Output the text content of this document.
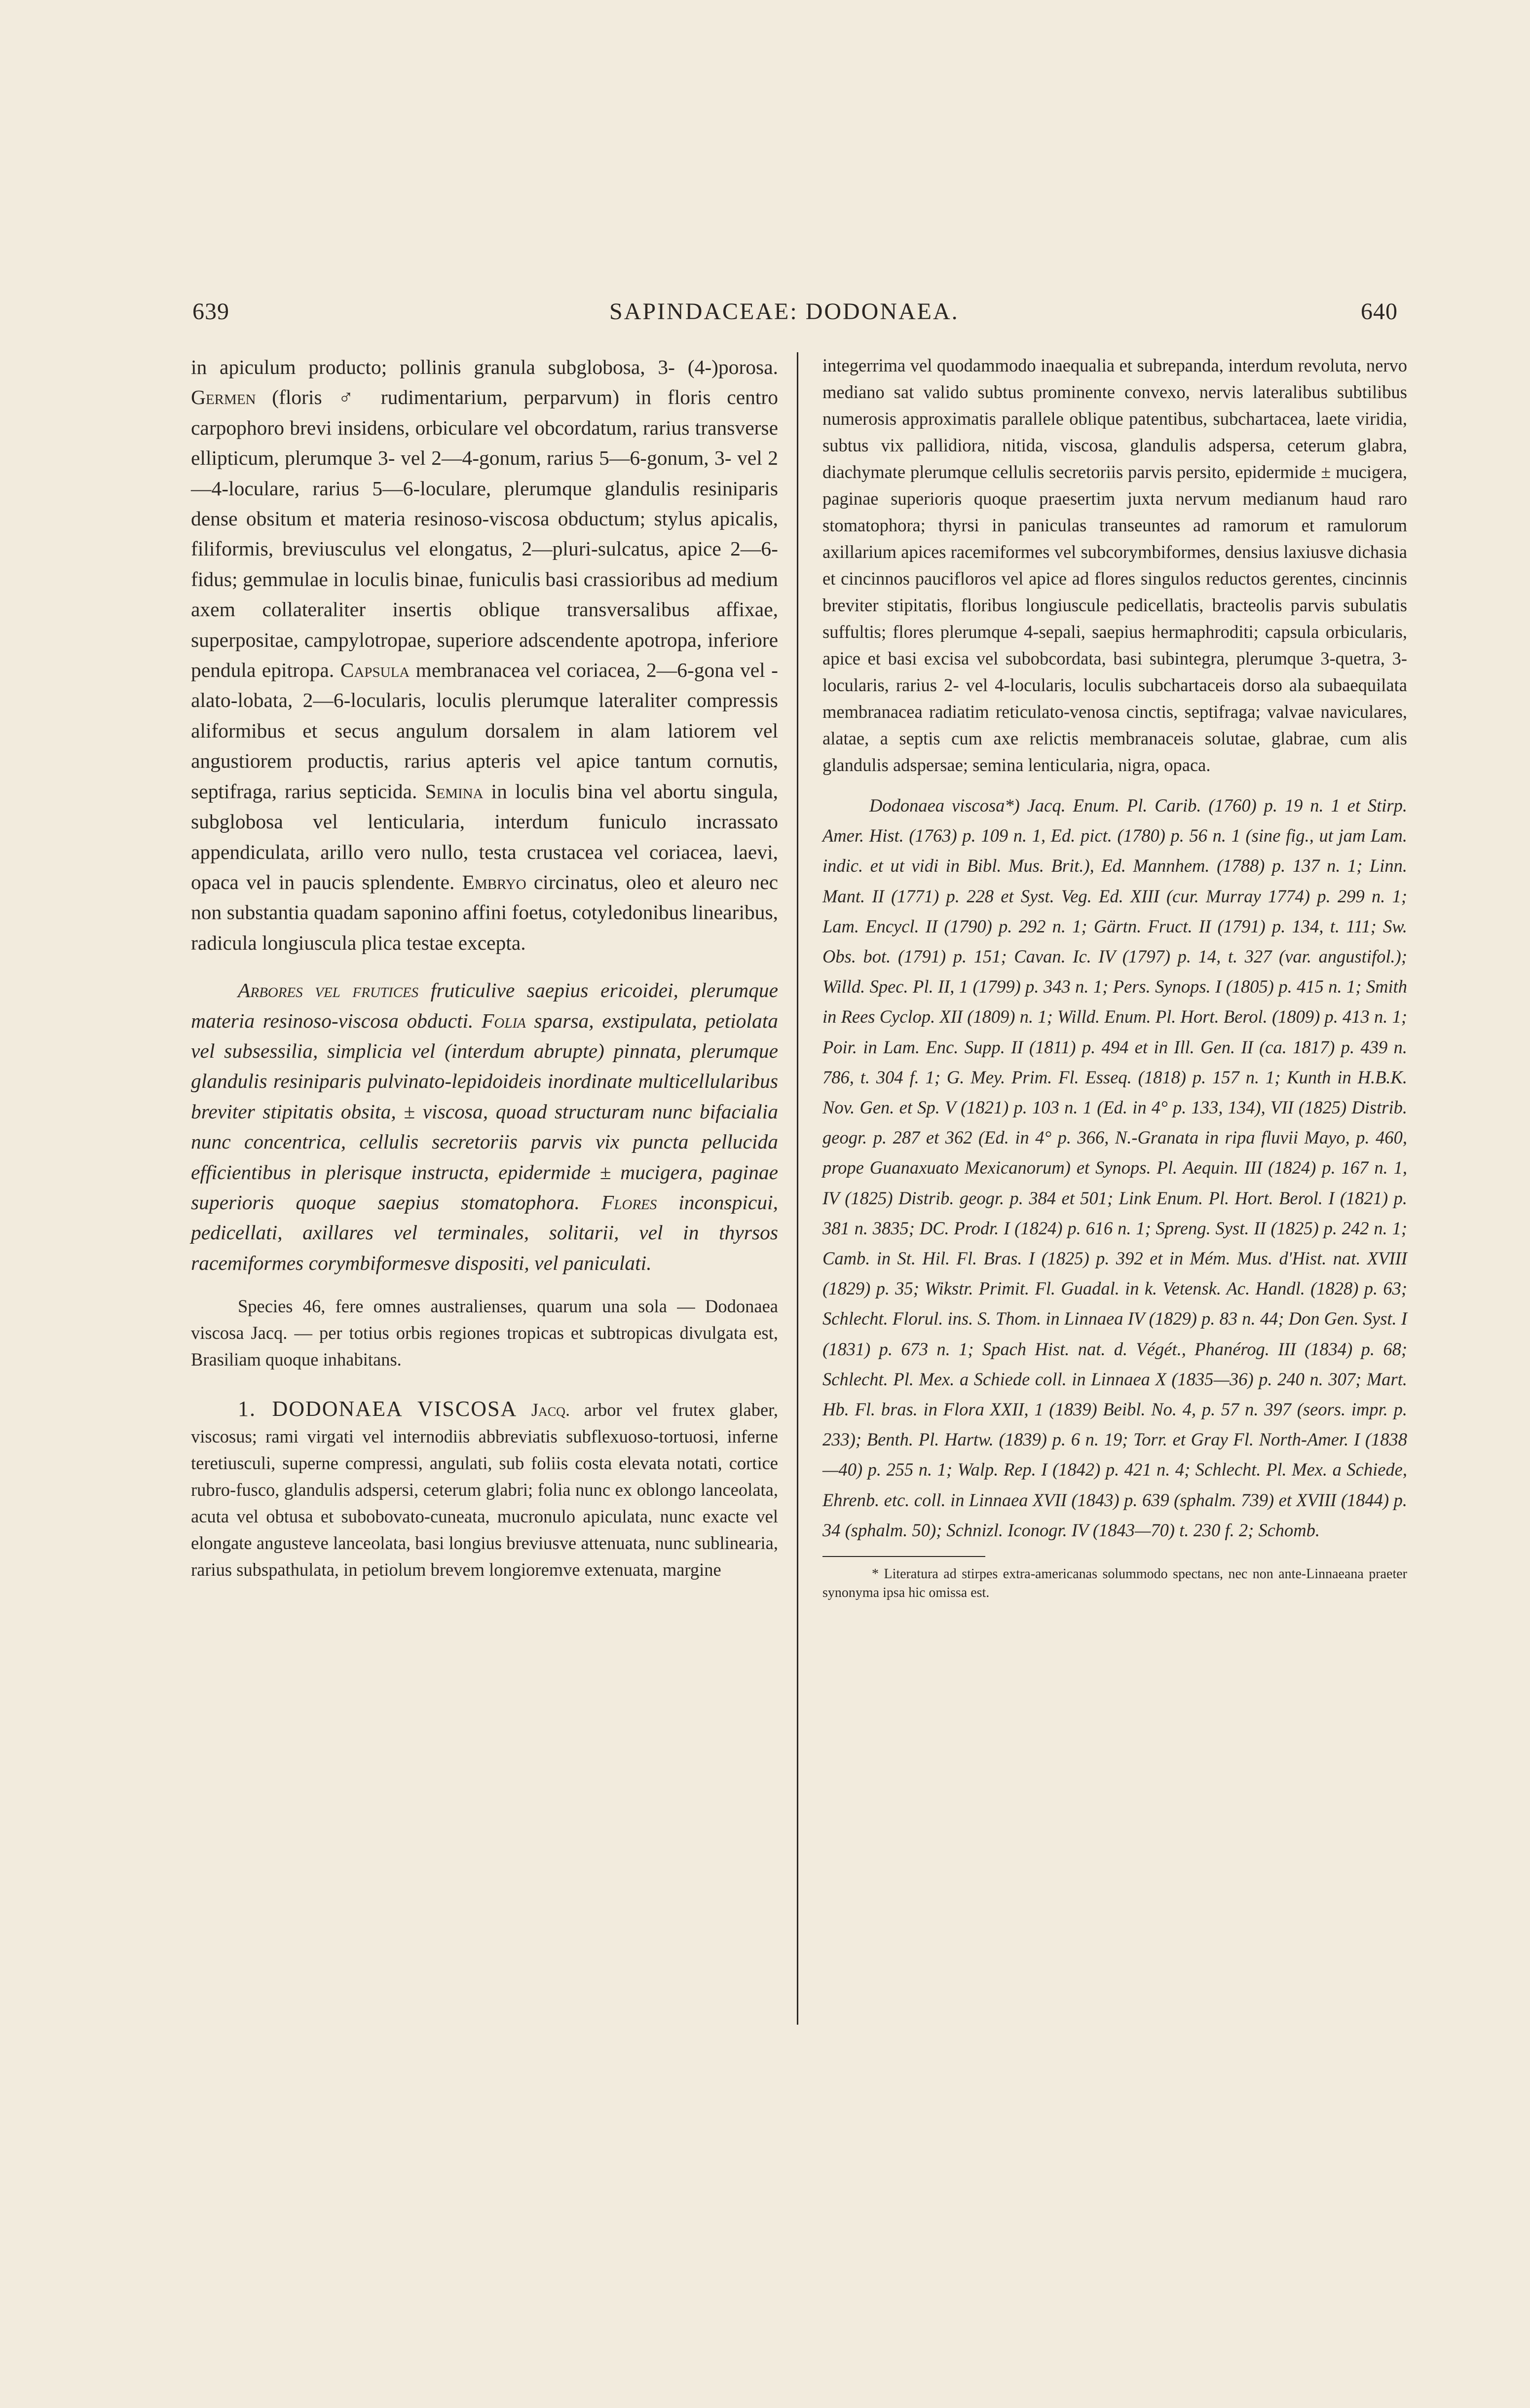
639	SAPINDACEAE: DODONAEA.	640

in apiculum producto; pollinis granula subglobosa, 3- (4-)porosa. Germen (floris ♂ rudimentarium, perparvum) in floris centro carpophoro brevi insidens, orbiculare vel obcordatum, rarius transverse ellipticum, plerumque 3- vel 2—4-gonum, rarius 5—6-gonum, 3- vel 2—4-loculare, rarius 5—6-loculare, plerumque glandulis resiniparis dense obsitum et materia resinoso-viscosa obductum; stylus apicalis, filiformis, breviusculus vel elongatus, 2—pluri-sulcatus, apice 2—6-fidus; gemmulae in loculis binae, funiculis basi crassioribus ad medium axem collateraliter insertis oblique transversalibus affixae, superpositae, campylotropae, superiore adscendente apotropa, inferiore pendula epitropa. Capsula membranacea vel coriacea, 2—6-gona vel -alato-lobata, 2—6-locularis, loculis plerumque lateraliter compressis aliformibus et secus angulum dorsalem in alam latiorem vel angustiorem productis, rarius apteris vel apice tantum cornutis, septifraga, rarius septicida. Semina in loculis bina vel abortu singula, subglobosa vel lenticularia, interdum funiculo incrassato appendiculata, arillo vero nullo, testa crustacea vel coriacea, laevi, opaca vel in paucis splendente. Embryo circinatus, oleo et aleuro nec non substantia quadam saponino affini foetus, cotyledonibus linearibus, radicula longiuscula plica testae excepta.

Arbores vel frutices fruticulive saepius ericoidei, plerumque materia resinoso-viscosa obducti. Folia sparsa, exstipulata, petiolata vel subsessilia, simplicia vel (interdum abrupte) pinnata, plerumque glandulis resiniparis pulvinato-lepidoideis inordinate multicellularibus breviter stipitatis obsita, ± viscosa, quoad structuram nunc bifacialia nunc concentrica, cellulis secretoriis parvis vix puncta pellucida efficientibus in plerisque instructa, epidermide ± mucigera, paginae superioris quoque saepius stomatophora. Flores inconspicui, pedicellati, axillares vel terminales, solitarii, vel in thyrsos racemiformes corymbiformesve dispositi, vel paniculati.

Species 46, fere omnes australienses, quarum una sola — Dodonaea viscosa Jacq. — per totius orbis regiones tropicas et subtropicas divulgata est, Brasiliam quoque inhabitans.

1. DODONAEA VISCOSA Jacq. arbor vel frutex glaber, viscosus; rami virgati vel internodiis abbreviatis subflexuoso-tortuosi, inferne teretiusculi, superne compressi, angulati, sub foliis costa elevata notati, cortice rubro-fusco, glandulis adspersi, ceterum glabri; folia nunc ex oblongo lanceolata, acuta vel obtusa et subobovato-cuneata, mucronulo apiculata, nunc exacte vel elongate angusteve lanceolata, basi longius breviusve attenuata, nunc sublinearia, rarius subspathulata, in petiolum brevem longioremve extenuata, margine

integerrima vel quodammodo inaequalia et subrepanda, interdum revoluta, nervo mediano sat valido subtus prominente convexo, nervis lateralibus subtilibus numerosis approximatis parallele oblique patentibus, subchartacea, laete viridia, subtus vix pallidiora, nitida, viscosa, glandulis adspersa, ceterum glabra, diachymate plerumque cellulis secretoriis parvis persito, epidermide ± mucigera, paginae superioris quoque praesertim juxta nervum medianum haud raro stomatophora; thyrsi in paniculas transeuntes ad ramorum et ramulorum axillarium apices racemiformes vel subcorymbiformes, densius laxiusve dichasia et cincinnos paucifloros vel apice ad flores singulos reductos gerentes, cincinnis breviter stipitatis, floribus longiuscule pedicellatis, bracteolis parvis subulatis suffultis; flores plerumque 4-sepali, saepius hermaphroditi; capsula orbicularis, apice et basi excisa vel subobcordata, basi subintegra, plerumque 3-quetra, 3-locularis, rarius 2- vel 4-locularis, loculis subchartaceis dorso ala subaequilata membranacea radiatim reticulato-venosa cinctis, septifraga; valvae naviculares, alatae, a septis cum axe relictis membranaceis solutae, glabrae, cum alis glandulis adspersae; semina lenticularia, nigra, opaca.

Dodonaea viscosa*) Jacq. Enum. Pl. Carib. (1760) p. 19 n. 1 et Stirp. Amer. Hist. (1763) p. 109 n. 1, Ed. pict. (1780) p. 56 n. 1 (sine fig., ut jam Lam. indic. et ut vidi in Bibl. Mus. Brit.), Ed. Mannhem. (1788) p. 137 n. 1; Linn. Mant. II (1771) p. 228 et Syst. Veg. Ed. XIII (cur. Murray 1774) p. 299 n. 1; Lam. Encycl. II (1790) p. 292 n. 1; Gärtn. Fruct. II (1791) p. 134, t. 111; Sw. Obs. bot. (1791) p. 151; Cavan. Ic. IV (1797) p. 14, t. 327 (var. angustifol.); Willd. Spec. Pl. II, 1 (1799) p. 343 n. 1; Pers. Synops. I (1805) p. 415 n. 1; Smith in Rees Cyclop. XII (1809) n. 1; Willd. Enum. Pl. Hort. Berol. (1809) p. 413 n. 1; Poir. in Lam. Enc. Supp. II (1811) p. 494 et in Ill. Gen. II (ca. 1817) p. 439 n. 786, t. 304 f. 1; G. Mey. Prim. Fl. Esseq. (1818) p. 157 n. 1; Kunth in H.B.K. Nov. Gen. et Sp. V (1821) p. 103 n. 1 (Ed. in 4° p. 133, 134), VII (1825) Distrib. geogr. p. 287 et 362 (Ed. in 4° p. 366, N.-Granata in ripa fluvii Mayo, p. 460, prope Guanaxuato Mexicanorum) et Synops. Pl. Aequin. III (1824) p. 167 n. 1, IV (1825) Distrib. geogr. p. 384 et 501; Link Enum. Pl. Hort. Berol. I (1821) p. 381 n. 3835; DC. Prodr. I (1824) p. 616 n. 1; Spreng. Syst. II (1825) p. 242 n. 1; Camb. in St. Hil. Fl. Bras. I (1825) p. 392 et in Mém. Mus. d'Hist. nat. XVIII (1829) p. 35; Wikstr. Primit. Fl. Guadal. in k. Vetensk. Ac. Handl. (1828) p. 63; Schlecht. Florul. ins. S. Thom. in Linnaea IV (1829) p. 83 n. 44; Don Gen. Syst. I (1831) p. 673 n. 1; Spach Hist. nat. d. Végét., Phanérog. III (1834) p. 68; Schlecht. Pl. Mex. a Schiede coll. in Linnaea X (1835—36) p. 240 n. 307; Mart. Hb. Fl. bras. in Flora XXII, 1 (1839) Beibl. No. 4, p. 57 n. 397 (seors. impr. p. 233); Benth. Pl. Hartw. (1839) p. 6 n. 19; Torr. et Gray Fl. North-Amer. I (1838—40) p. 255 n. 1; Walp. Rep. I (1842) p. 421 n. 4; Schlecht. Pl. Mex. a Schiede, Ehrenb. etc. coll. in Linnaea XVII (1843) p. 639 (sphalm. 739) et XVIII (1844) p. 34 (sphalm. 50); Schnizl. Iconogr. IV (1843—70) t. 230 f. 2; Schomb.

* Literatura ad stirpes extra-americanas solummodo spectans, nec non ante-Linnaeana praeter synonyma ipsa hic omissa est.
